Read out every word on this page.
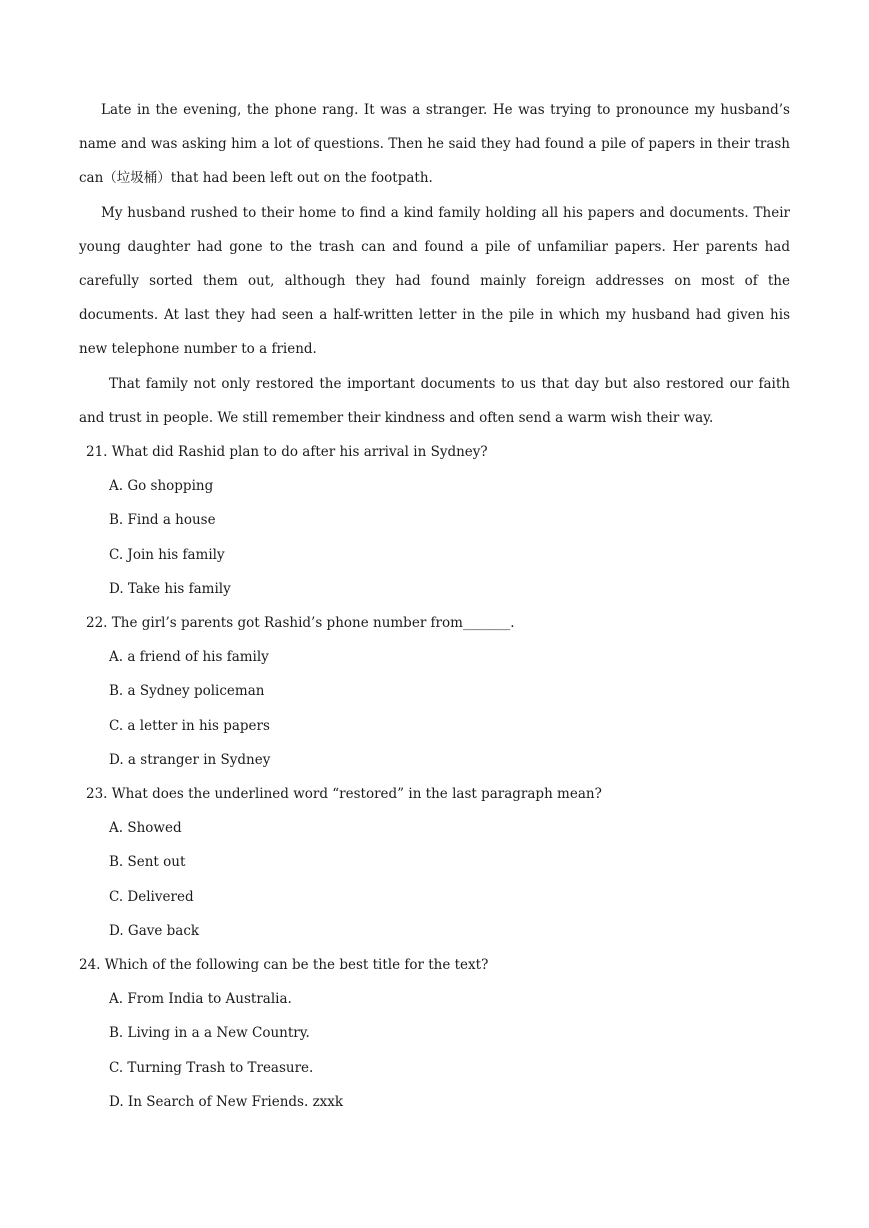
Late in the evening, the phone rang. It was a stranger. He was trying to pronounce my husband’s name and was asking him a lot of questions. Then he said they had found a pile of papers in their trash can（垃圾桶）that had been left out on the footpath.

My husband rushed to their home to find a kind family holding all his papers and documents. Their young daughter had gone to the trash can and found a pile of unfamiliar papers. Her parents had carefully sorted them out, although they had found mainly foreign addresses on most of the documents. At last they had seen a half-written letter in the pile in which my husband had given his new telephone number to a friend.

That family not only restored the important documents to us that day but also restored our faith and trust in people. We still remember their kindness and often send a warm wish their way.

21. What did Rashid plan to do after his arrival in Sydney?

A. Go shopping

B. Find a house

C. Join his family

D. Take his family

22. The girl’s parents got Rashid’s phone number from_______.

A. a friend of his family

B. a Sydney policeman

C. a letter in his papers

D. a stranger in Sydney

23. What does the underlined word “restored” in the last paragraph mean?

A. Showed

B. Sent out

C. Delivered

D. Gave back

24. Which of the following can be the best title for the text?

A. From India to Australia.

B. Living in a a New Country.

C. Turning Trash to Treasure.

D. In Search of New Friends. zxxk
